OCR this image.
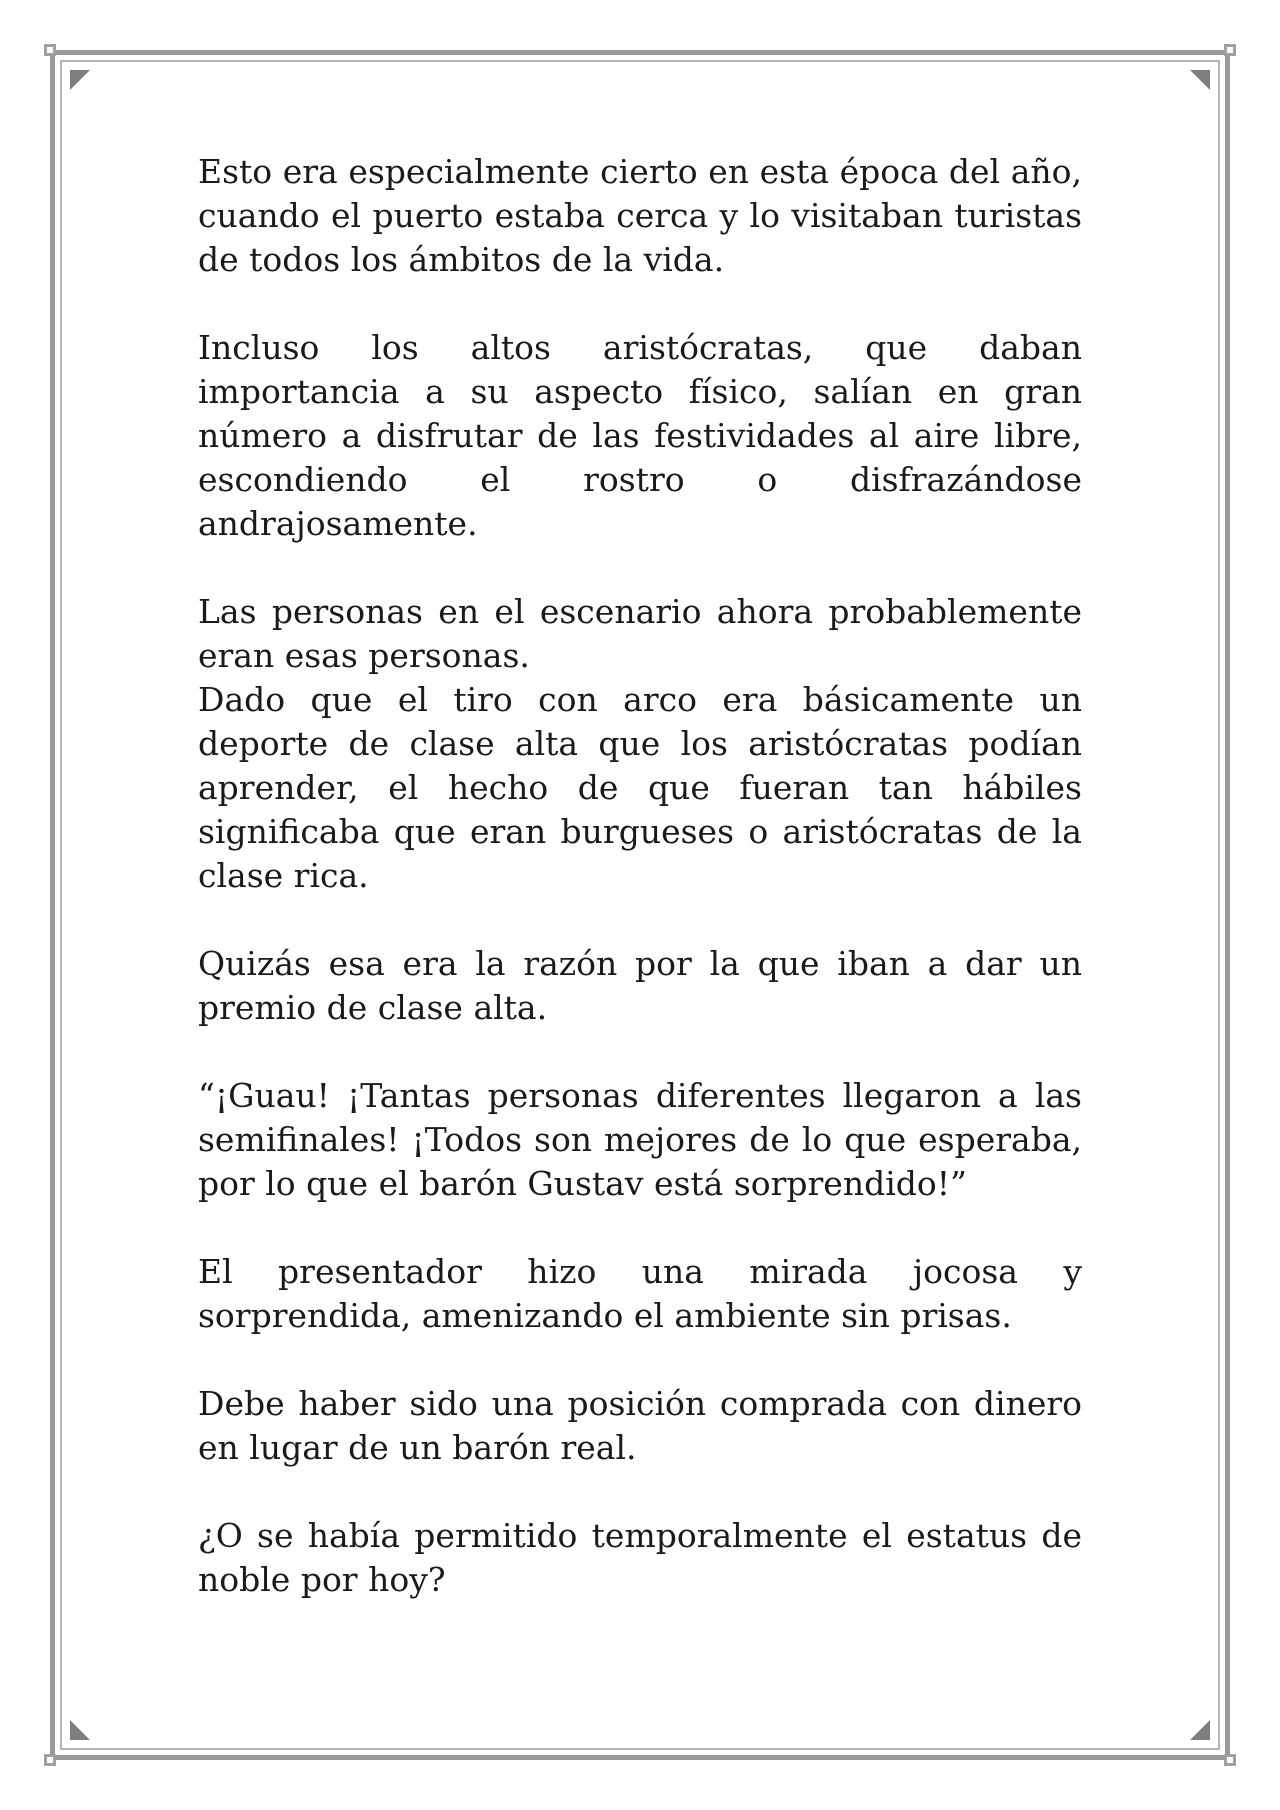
Esto era especialmente cierto en esta época del año, cuando el puerto estaba cerca y lo visitaban turistas de todos los ámbitos de la vida.

Incluso los altos aristócratas, que daban importancia a su aspecto físico, salían en gran número a disfrutar de las festividades al aire libre, escondiendo el rostro o disfrazándose andrajosamente.

Las personas en el escenario ahora probablemente eran esas personas.

Dado que el tiro con arco era básicamente un deporte de clase alta que los aristócratas podían aprender, el hecho de que fueran tan hábiles significaba que eran burgueses o aristócratas de la clase rica.

Quizás esa era la razón por la que iban a dar un premio de clase alta.

“¡Guau! ¡Tantas personas diferentes llegaron a las semifinales! ¡Todos son mejores de lo que esperaba, por lo que el barón Gustav está sorprendido!”

El presentador hizo una mirada jocosa y sorprendida, amenizando el ambiente sin prisas.

Debe haber sido una posición comprada con dinero en lugar de un barón real.

¿O se había permitido temporalmente el estatus de noble por hoy?
